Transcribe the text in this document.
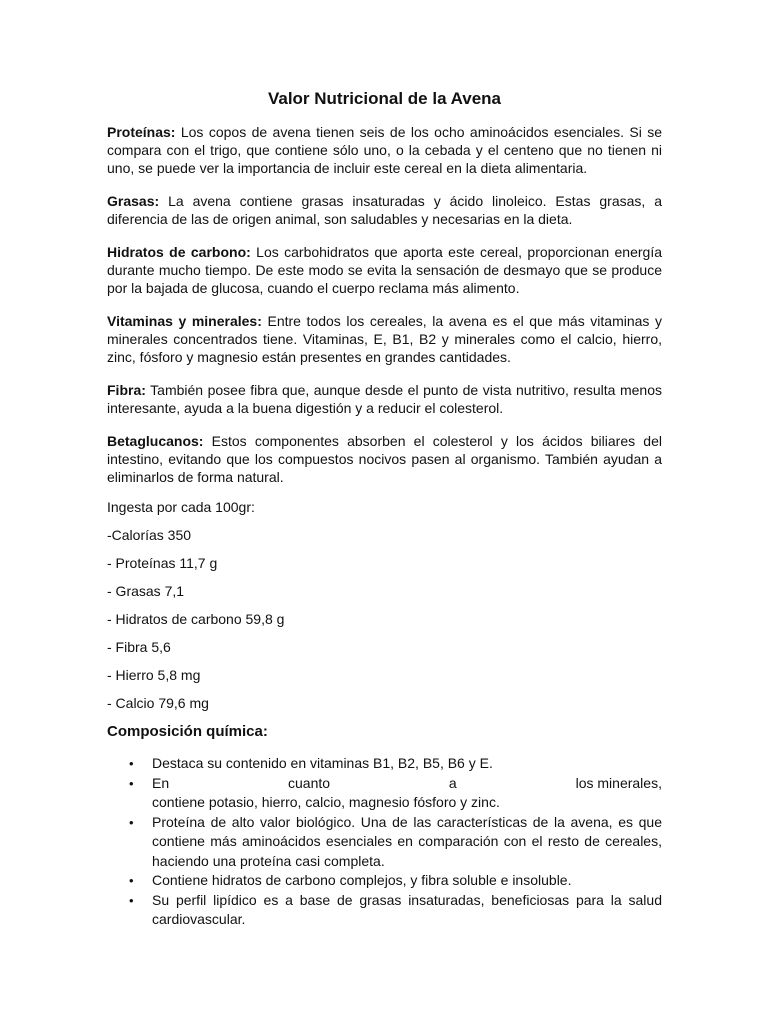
Valor Nutricional de la Avena

Proteínas: Los copos de avena tienen seis de los ocho aminoácidos esenciales. Si se compara con el trigo, que contiene sólo uno, o la cebada y el centeno que no tienen ni uno, se puede ver la importancia de incluir este cereal en la dieta alimentaria.

Grasas: La avena contiene grasas insaturadas y ácido linoleico. Estas grasas, a diferencia de las de origen animal, son saludables y necesarias en la dieta.

Hidratos de carbono: Los carbohidratos que aporta este cereal, proporcionan energía durante mucho tiempo. De este modo se evita la sensación de desmayo que se produce por la bajada de glucosa, cuando el cuerpo reclama más alimento.

Vitaminas y minerales: Entre todos los cereales, la avena es el que más vitaminas y minerales concentrados tiene. Vitaminas, E, B1, B2 y minerales como el calcio, hierro, zinc, fósforo y magnesio están presentes en grandes cantidades.

Fibra: También posee fibra que, aunque desde el punto de vista nutritivo, resulta menos interesante, ayuda a la buena digestión y a reducir el colesterol.

Betaglucanos: Estos componentes absorben el colesterol y los ácidos biliares del intestino, evitando que los compuestos nocivos pasen al organismo. También ayudan a eliminarlos de forma natural.

Ingesta por cada 100gr:
-Calorías 350
- Proteínas 11,7 g
- Grasas 7,1
- Hidratos de carbono 59,8 g
- Fibra 5,6
- Hierro 5,8 mg
- Calcio 79,6 mg
Composición química:
• Destaca su contenido en vitaminas B1, B2, B5, B6 y E.
• En	cuanto	a	los minerales,
contiene potasio, hierro, calcio, magnesio fósforo y zinc.
• Proteína de alto valor biológico. Una de las características de la avena, es que contiene más aminoácidos esenciales en comparación con el resto de cereales, haciendo una proteína casi completa.
• Contiene hidratos de carbono complejos, y fibra soluble e insoluble.
• Su perfil lipídico es a base de grasas insaturadas, beneficiosas para la salud cardiovascular.
